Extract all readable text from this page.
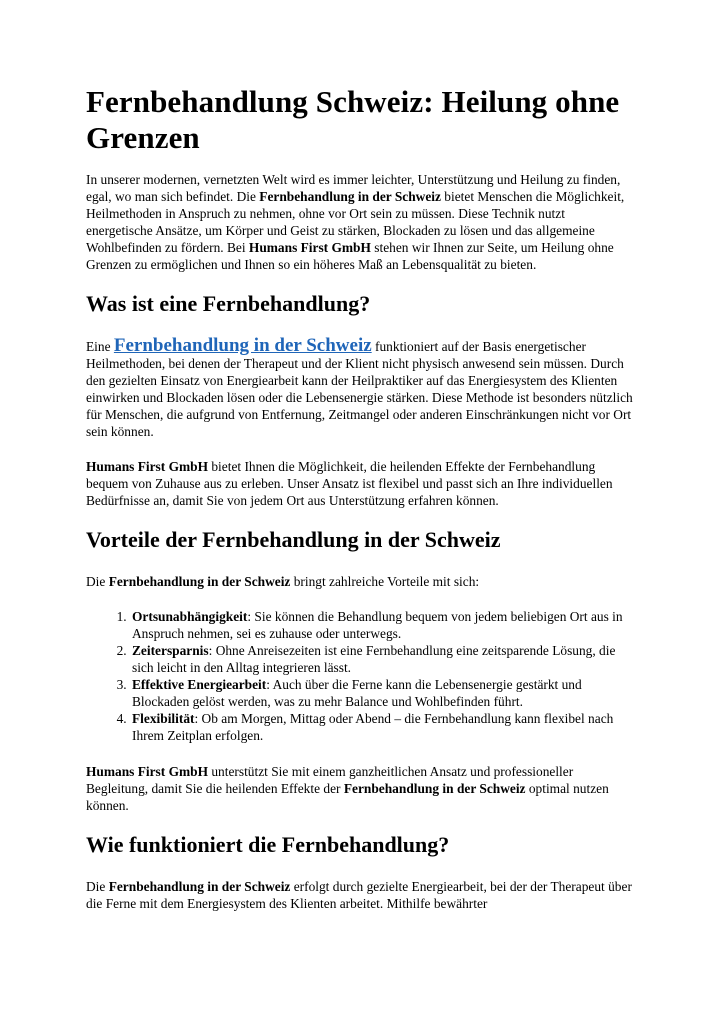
Fernbehandlung Schweiz: Heilung ohne Grenzen

In unserer modernen, vernetzten Welt wird es immer leichter, Unterstützung und Heilung zu finden, egal, wo man sich befindet. Die Fernbehandlung in der Schweiz bietet Menschen die Möglichkeit, Heilmethoden in Anspruch zu nehmen, ohne vor Ort sein zu müssen. Diese Technik nutzt energetische Ansätze, um Körper und Geist zu stärken, Blockaden zu lösen und das allgemeine Wohlbefinden zu fördern. Bei Humans First GmbH stehen wir Ihnen zur Seite, um Heilung ohne Grenzen zu ermöglichen und Ihnen so ein höheres Maß an Lebensqualität zu bieten.

Was ist eine Fernbehandlung?

Eine Fernbehandlung in der Schweiz funktioniert auf der Basis energetischer Heilmethoden, bei denen der Therapeut und der Klient nicht physisch anwesend sein müssen. Durch den gezielten Einsatz von Energiearbeit kann der Heilpraktiker auf das Energiesystem des Klienten einwirken und Blockaden lösen oder die Lebensenergie stärken. Diese Methode ist besonders nützlich für Menschen, die aufgrund von Entfernung, Zeitmangel oder anderen Einschränkungen nicht vor Ort sein können.

Humans First GmbH bietet Ihnen die Möglichkeit, die heilenden Effekte der Fernbehandlung bequem von Zuhause aus zu erleben. Unser Ansatz ist flexibel und passt sich an Ihre individuellen Bedürfnisse an, damit Sie von jedem Ort aus Unterstützung erfahren können.

Vorteile der Fernbehandlung in der Schweiz

Die Fernbehandlung in der Schweiz bringt zahlreiche Vorteile mit sich:

1. Ortsunabhängigkeit: Sie können die Behandlung bequem von jedem beliebigen Ort aus in Anspruch nehmen, sei es zuhause oder unterwegs.
2. Zeitersparnis: Ohne Anreisezeiten ist eine Fernbehandlung eine zeitsparende Lösung, die sich leicht in den Alltag integrieren lässt.
3. Effektive Energiearbeit: Auch über die Ferne kann die Lebensenergie gestärkt und Blockaden gelöst werden, was zu mehr Balance und Wohlbefinden führt.
4. Flexibilität: Ob am Morgen, Mittag oder Abend – die Fernbehandlung kann flexibel nach Ihrem Zeitplan erfolgen.

Humans First GmbH unterstützt Sie mit einem ganzheitlichen Ansatz und professioneller Begleitung, damit Sie die heilenden Effekte der Fernbehandlung in der Schweiz optimal nutzen können.

Wie funktioniert die Fernbehandlung?

Die Fernbehandlung in der Schweiz erfolgt durch gezielte Energiearbeit, bei der der Therapeut über die Ferne mit dem Energiesystem des Klienten arbeitet. Mithilfe bewährter
